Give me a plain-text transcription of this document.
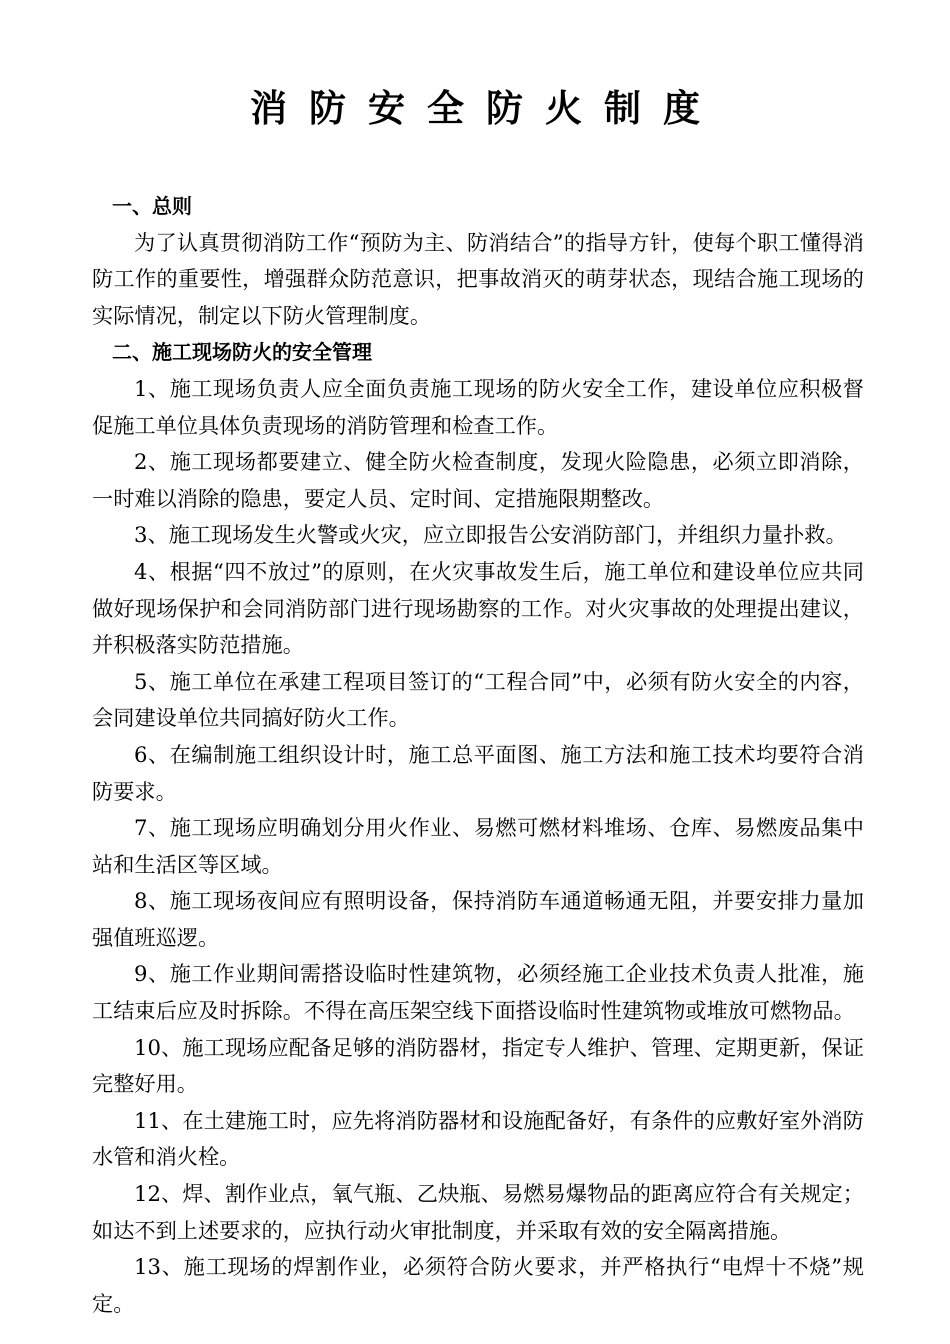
消防安全防火制度
一、总则

为了认真贯彻消防工作“预防为主、防消结合”的指导方针，使每个职工懂得消防工作的重要性，增强群众防范意识，把事故消灭的萌芽状态，现结合施工现场的实际情况，制定以下防火管理制度。

二、施工现场防火的安全管理

1、施工现场负责人应全面负责施工现场的防火安全工作，建设单位应积极督促施工单位具体负责现场的消防管理和检查工作。

2、施工现场都要建立、健全防火检查制度，发现火险隐患，必须立即消除，一时难以消除的隐患，要定人员、定时间、定措施限期整改。

3、施工现场发生火警或火灾，应立即报告公安消防部门，并组织力量扑救。

4、根据“四不放过”的原则，在火灾事故发生后，施工单位和建设单位应共同做好现场保护和会同消防部门进行现场勘察的工作。对火灾事故的处理提出建议，并积极落实防范措施。

5、施工单位在承建工程项目签订的“工程合同”中，必须有防火安全的内容，会同建设单位共同搞好防火工作。

6、在编制施工组织设计时，施工总平面图、施工方法和施工技术均要符合消防要求。

7、施工现场应明确划分用火作业、易燃可燃材料堆场、仓库、易燃废品集中站和生活区等区域。

8、施工现场夜间应有照明设备，保持消防车通道畅通无阻，并要安排力量加强值班巡逻。

9、施工作业期间需搭设临时性建筑物，必须经施工企业技术负责人批准，施工结束后应及时拆除。不得在高压架空线下面搭设临时性建筑物或堆放可燃物品。

10、施工现场应配备足够的消防器材，指定专人维护、管理、定期更新，保证完整好用。

11、在土建施工时，应先将消防器材和设施配备好，有条件的应敷好室外消防水管和消火栓。

12、焊、割作业点，氧气瓶、乙炔瓶、易燃易爆物品的距离应符合有关规定；如达不到上述要求的，应执行动火审批制度，并采取有效的安全隔离措施。

13、施工现场的焊割作业，必须符合防火要求，并严格执行“电焊十不烧”规定。
